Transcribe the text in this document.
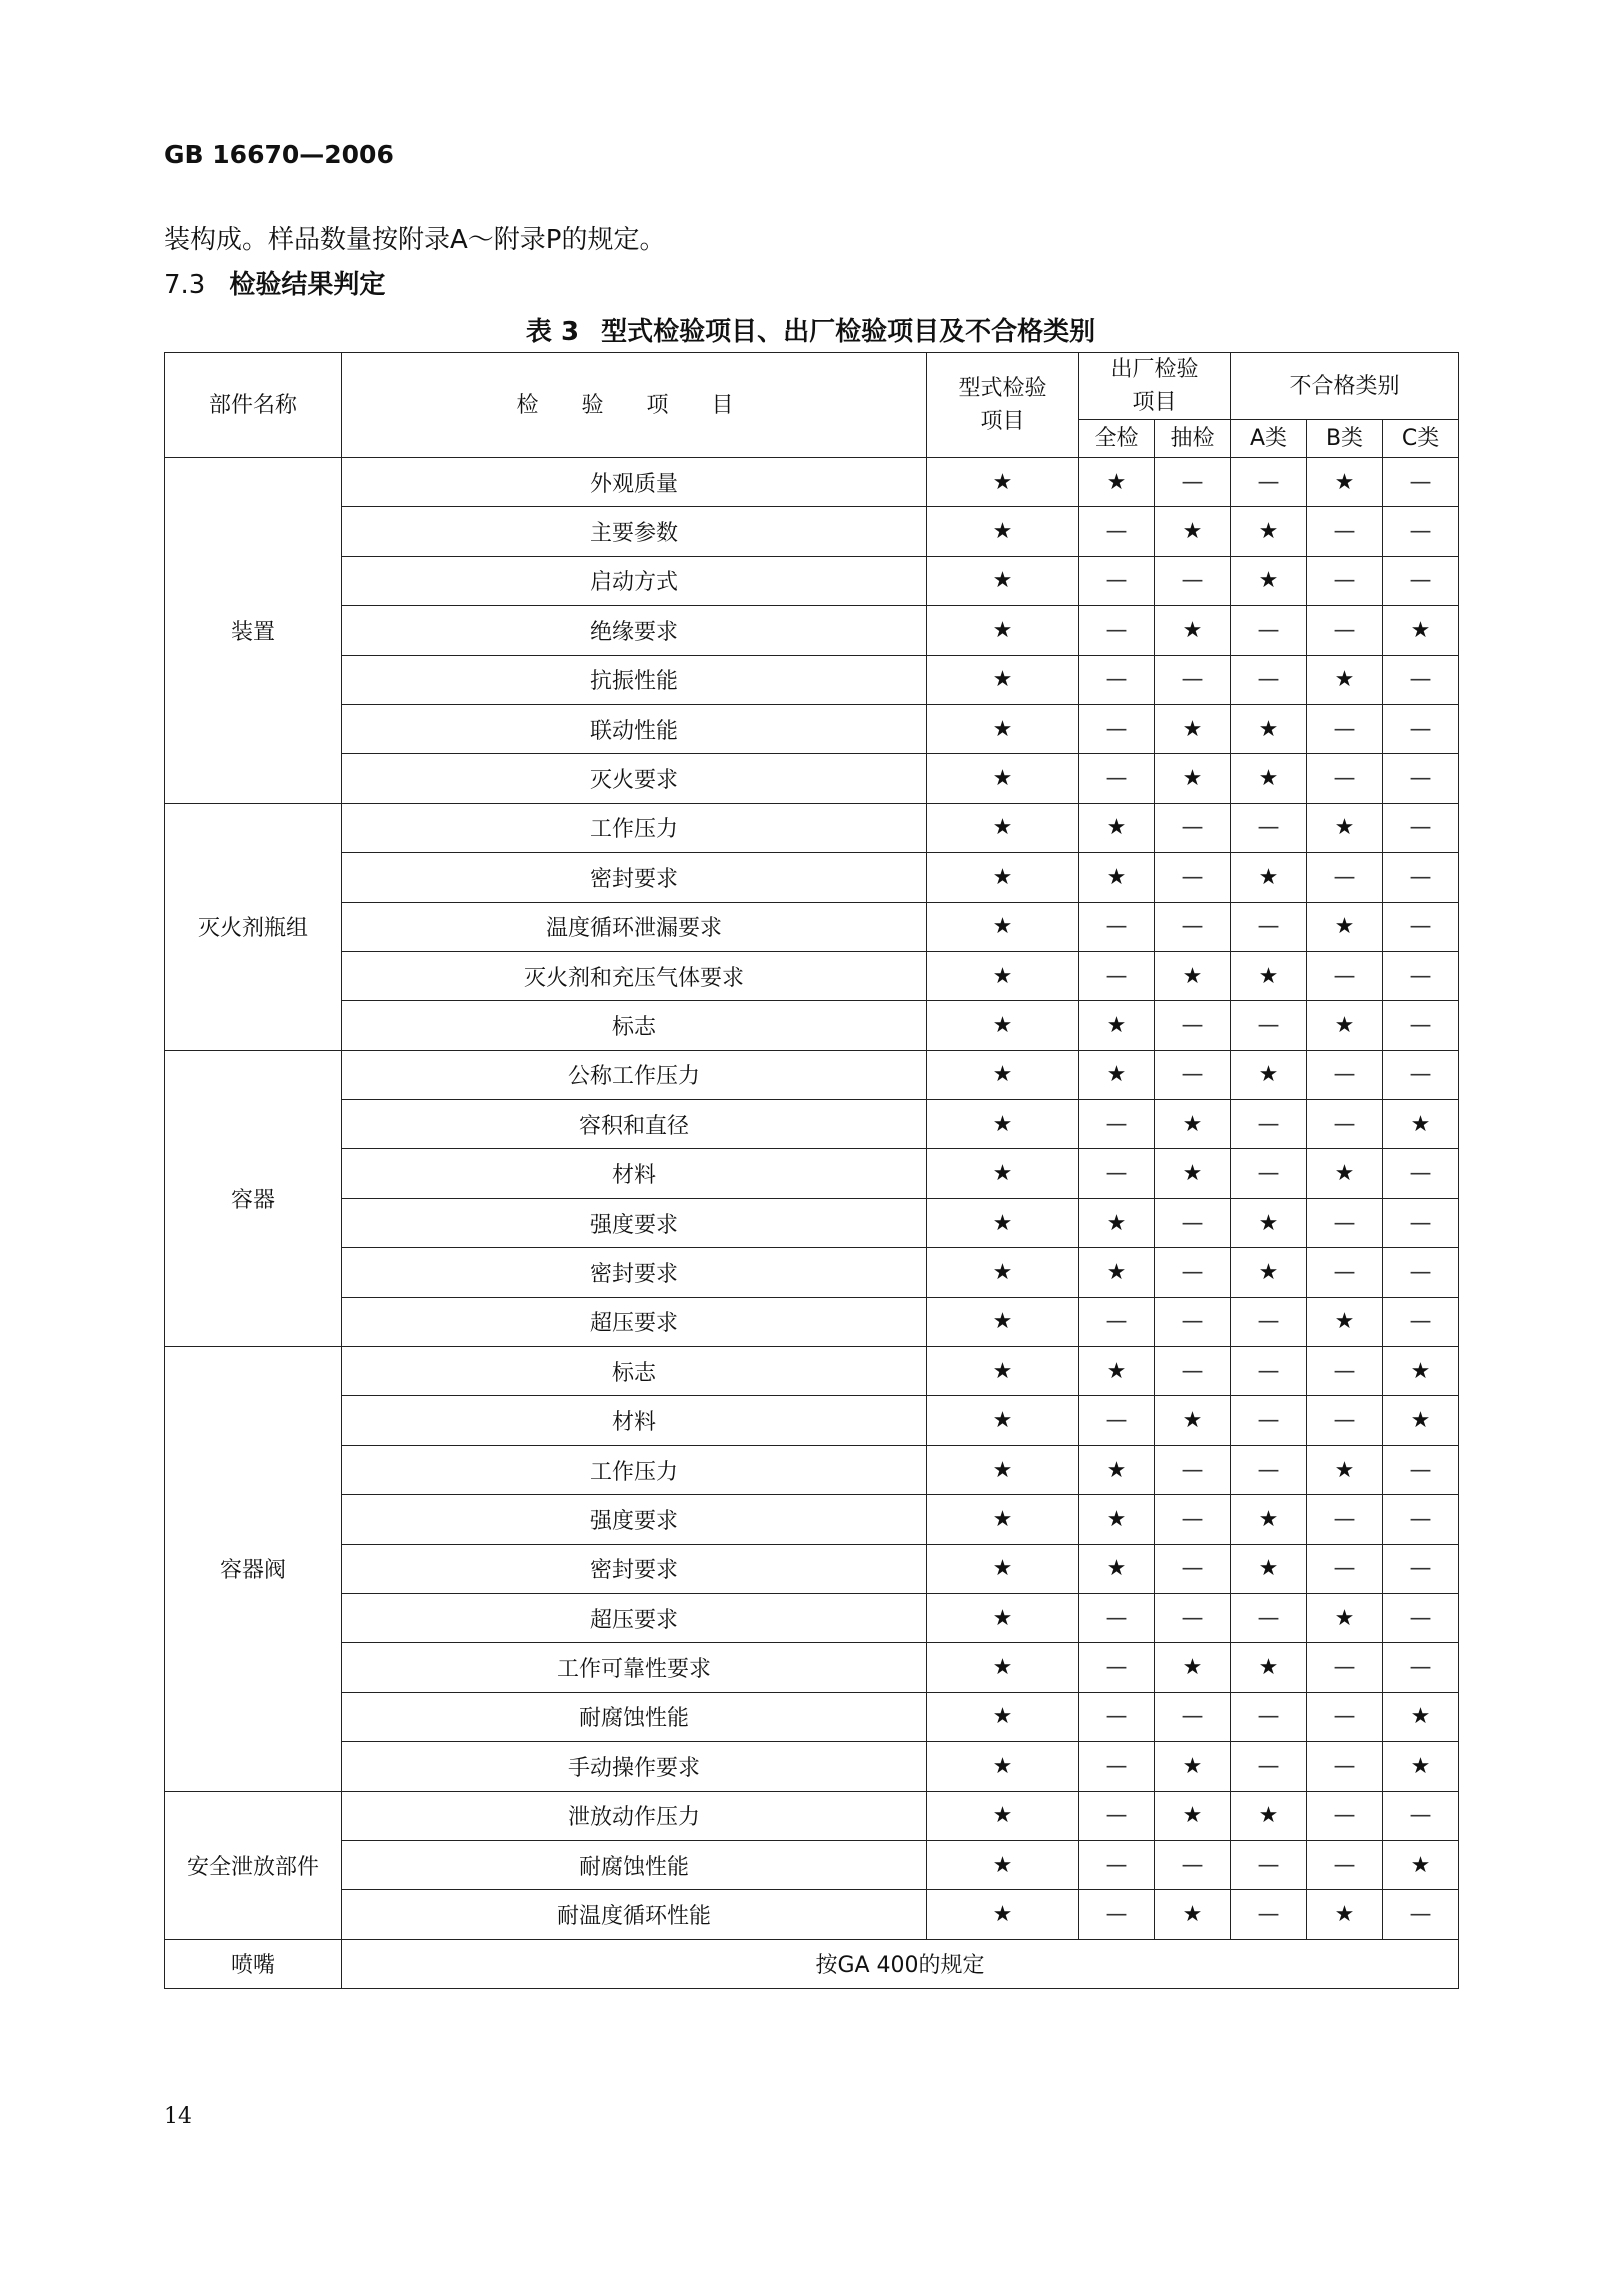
GB 16670—2006
装构成。样品数量按附录A～附录P的规定。
7.3 检验结果判定
表 3 型式检验项目、出厂检验项目及不合格类别
部件名称	检 验 项 目	型式检验项目	出厂检验项目		不合格类别		
			全检	抽检	A类	B类	C类
装置	外观质量	★	★	—	—	★	—
	主要参数	★	—	★	★	—	—
	启动方式	★	—	—	★	—	—
	绝缘要求	★	—	★	—	—	★
	抗振性能	★	—	—	—	★	—
	联动性能	★	—	★	★	—	—
	灭火要求	★	—	★	★	—	—
灭火剂瓶组	工作压力	★	★	—	—	★	—
	密封要求	★	★	—	★	—	—
	温度循环泄漏要求	★	—	—	—	★	—
	灭火剂和充压气体要求	★	—	★	★	—	—
	标志	★	★	—	—	★	—
容器	公称工作压力	★	★	—	★	—	—
	容积和直径	★	—	★	—	—	★
	材料	★	—	★	—	★	—
	强度要求	★	★	—	★	—	—
	密封要求	★	★	—	★	—	—
	超压要求	★	—	—	—	★	—
容器阀	标志	★	★	—	—	—	★
	材料	★	—	★	—	—	★
	工作压力	★	★	—	—	★	—
	强度要求	★	★	—	★	—	—
	密封要求	★	★	—	★	—	—
	超压要求	★	—	—	—	★	—
	工作可靠性要求	★	—	★	★	—	—
	耐腐蚀性能	★	—	—	—	—	★
	手动操作要求	★	—	★	—	—	★
安全泄放部件	泄放动作压力	★	—	★	★	—	—
	耐腐蚀性能	★	—	—	—	—	★
	耐温度循环性能	★	—	★	—	★	—
喷嘴	按GA 400的规定						
14
